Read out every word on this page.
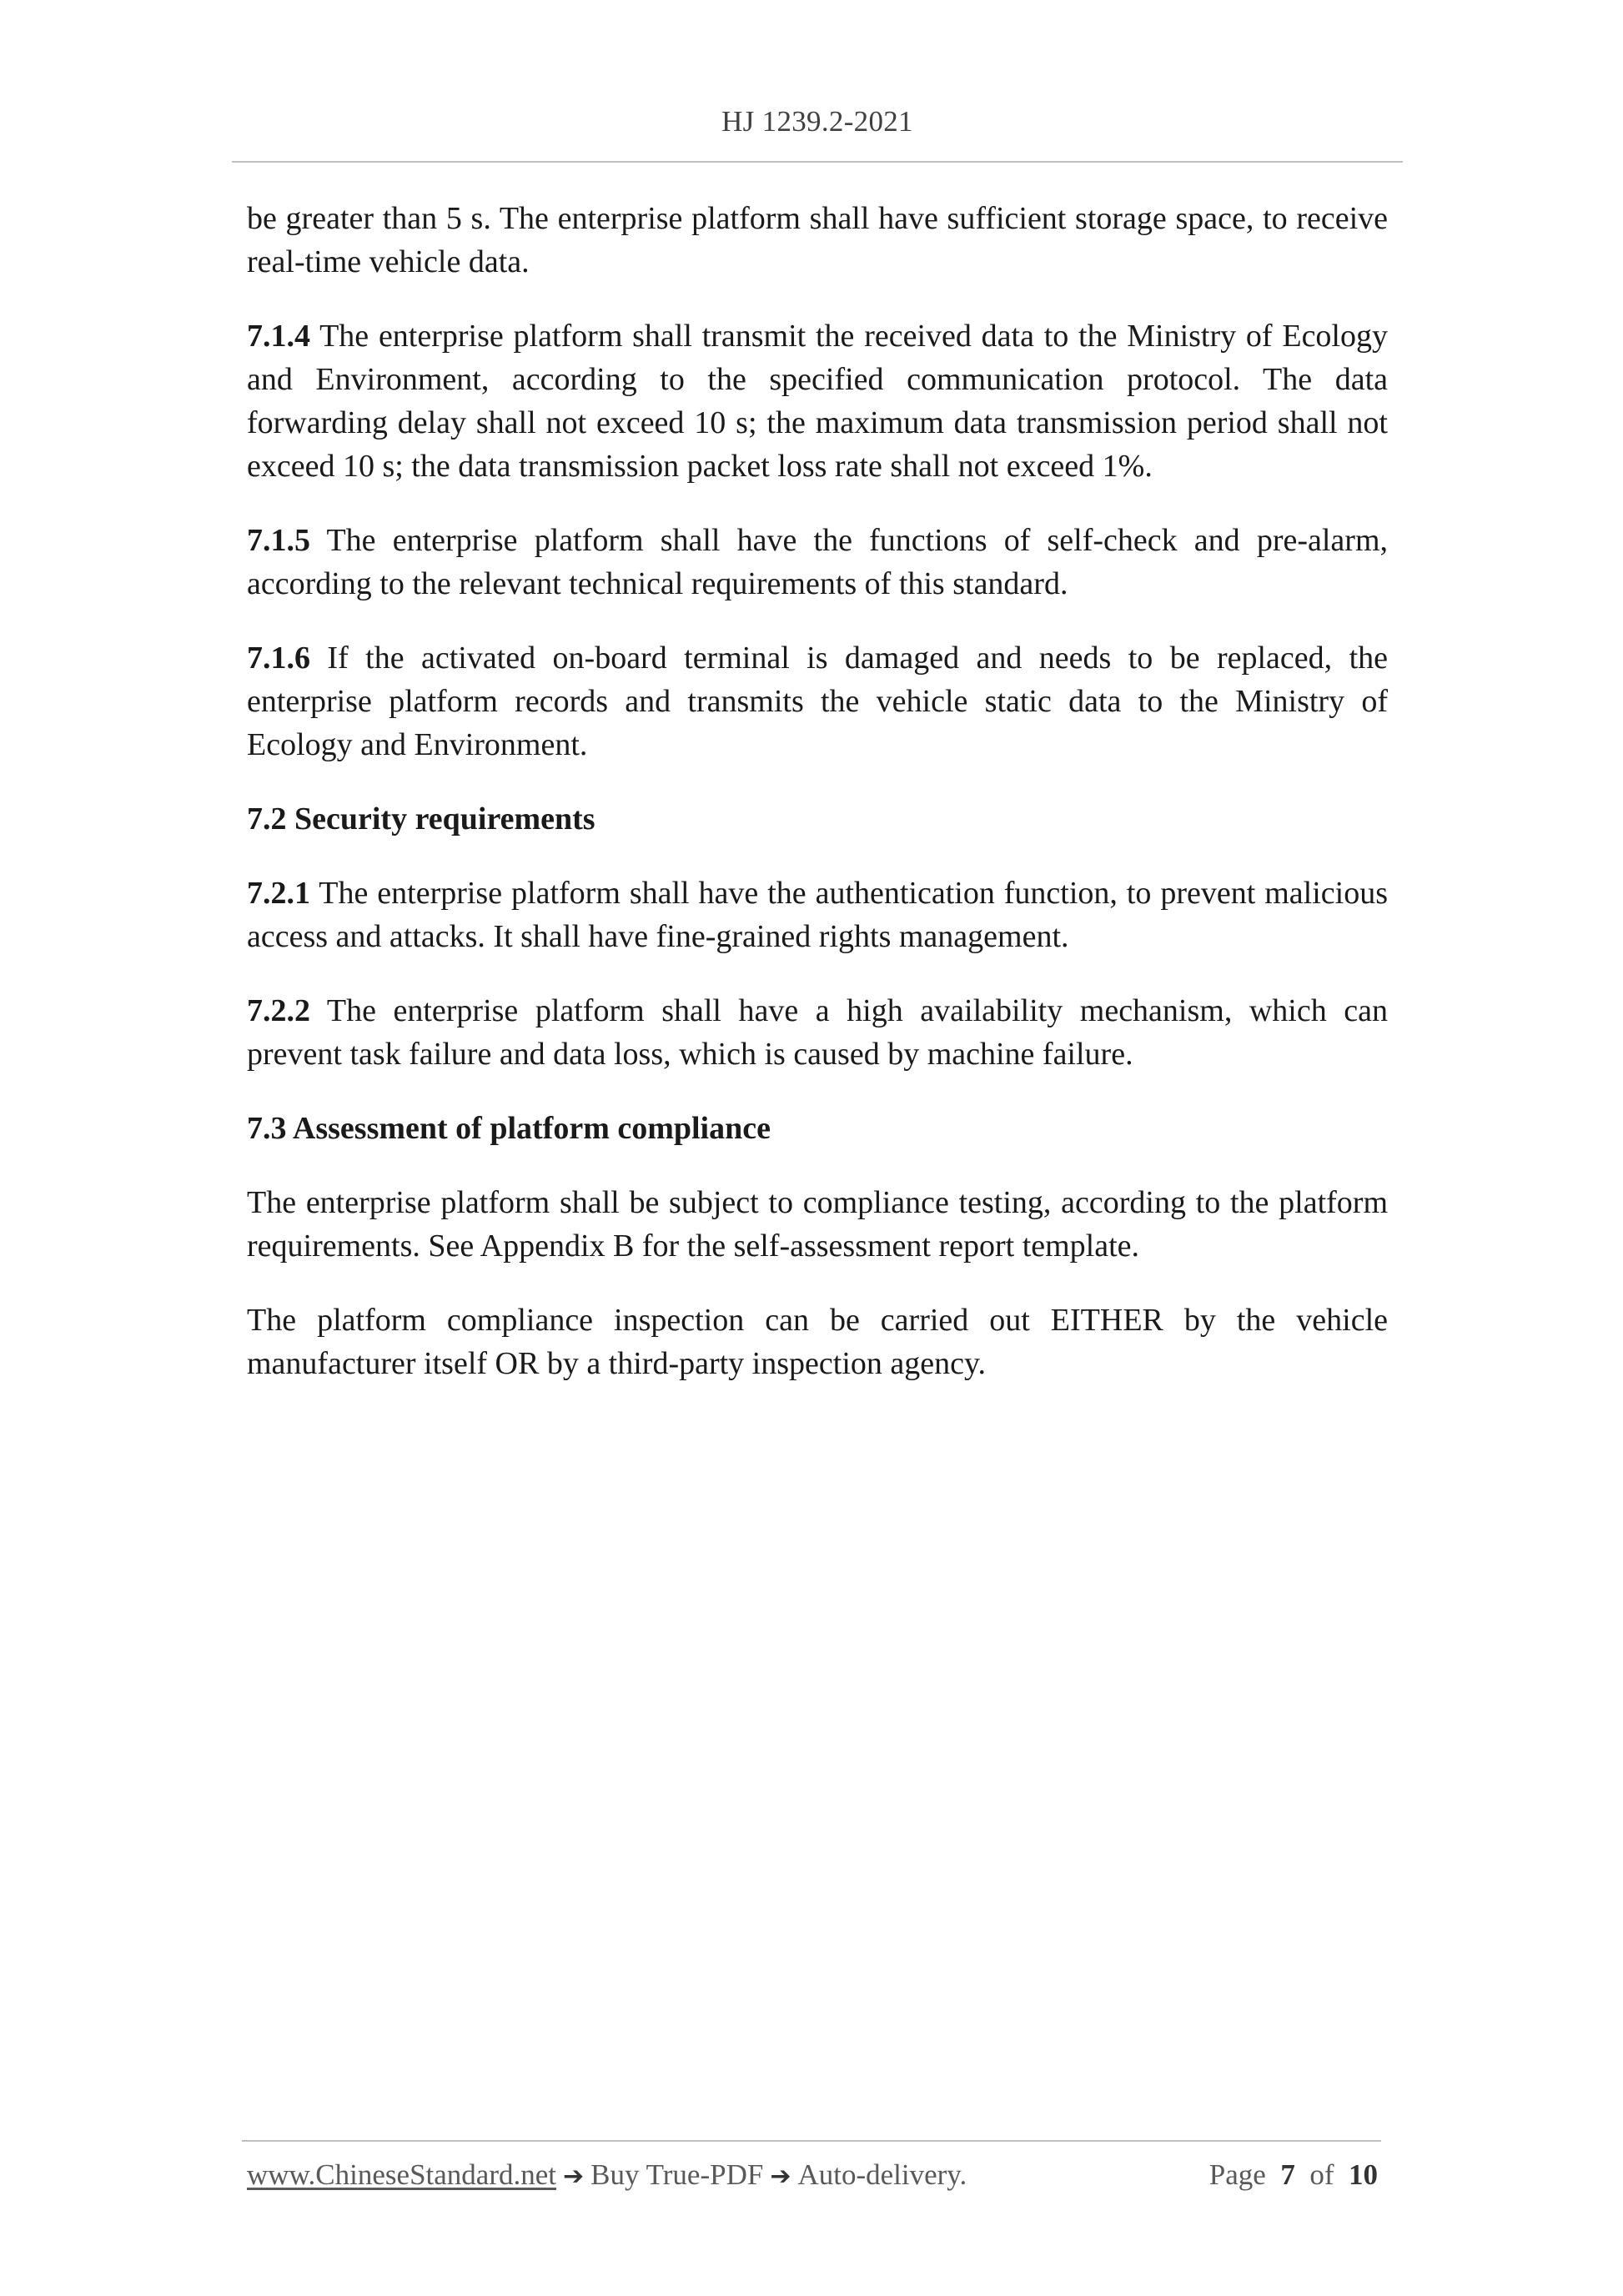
HJ 1239.2-2021

be greater than 5 s. The enterprise platform shall have sufficient storage space, to receive real-time vehicle data.

7.1.4 The enterprise platform shall transmit the received data to the Ministry of Ecology and Environment, according to the specified communication protocol. The data forwarding delay shall not exceed 10 s; the maximum data transmission period shall not exceed 10 s; the data transmission packet loss rate shall not exceed 1%.

7.1.5 The enterprise platform shall have the functions of self-check and pre-alarm, according to the relevant technical requirements of this standard.

7.1.6 If the activated on-board terminal is damaged and needs to be replaced, the enterprise platform records and transmits the vehicle static data to the Ministry of Ecology and Environment.

7.2 Security requirements

7.2.1 The enterprise platform shall have the authentication function, to prevent malicious access and attacks. It shall have fine-grained rights management.

7.2.2 The enterprise platform shall have a high availability mechanism, which can prevent task failure and data loss, which is caused by machine failure.

7.3 Assessment of platform compliance

The enterprise platform shall be subject to compliance testing, according to the platform requirements. See Appendix B for the self-assessment report template.

The platform compliance inspection can be carried out EITHER by the vehicle manufacturer itself OR by a third-party inspection agency.

www.ChineseStandard.net ➔ Buy True-PDF ➔ Auto-delivery.	Page 7 of 10
